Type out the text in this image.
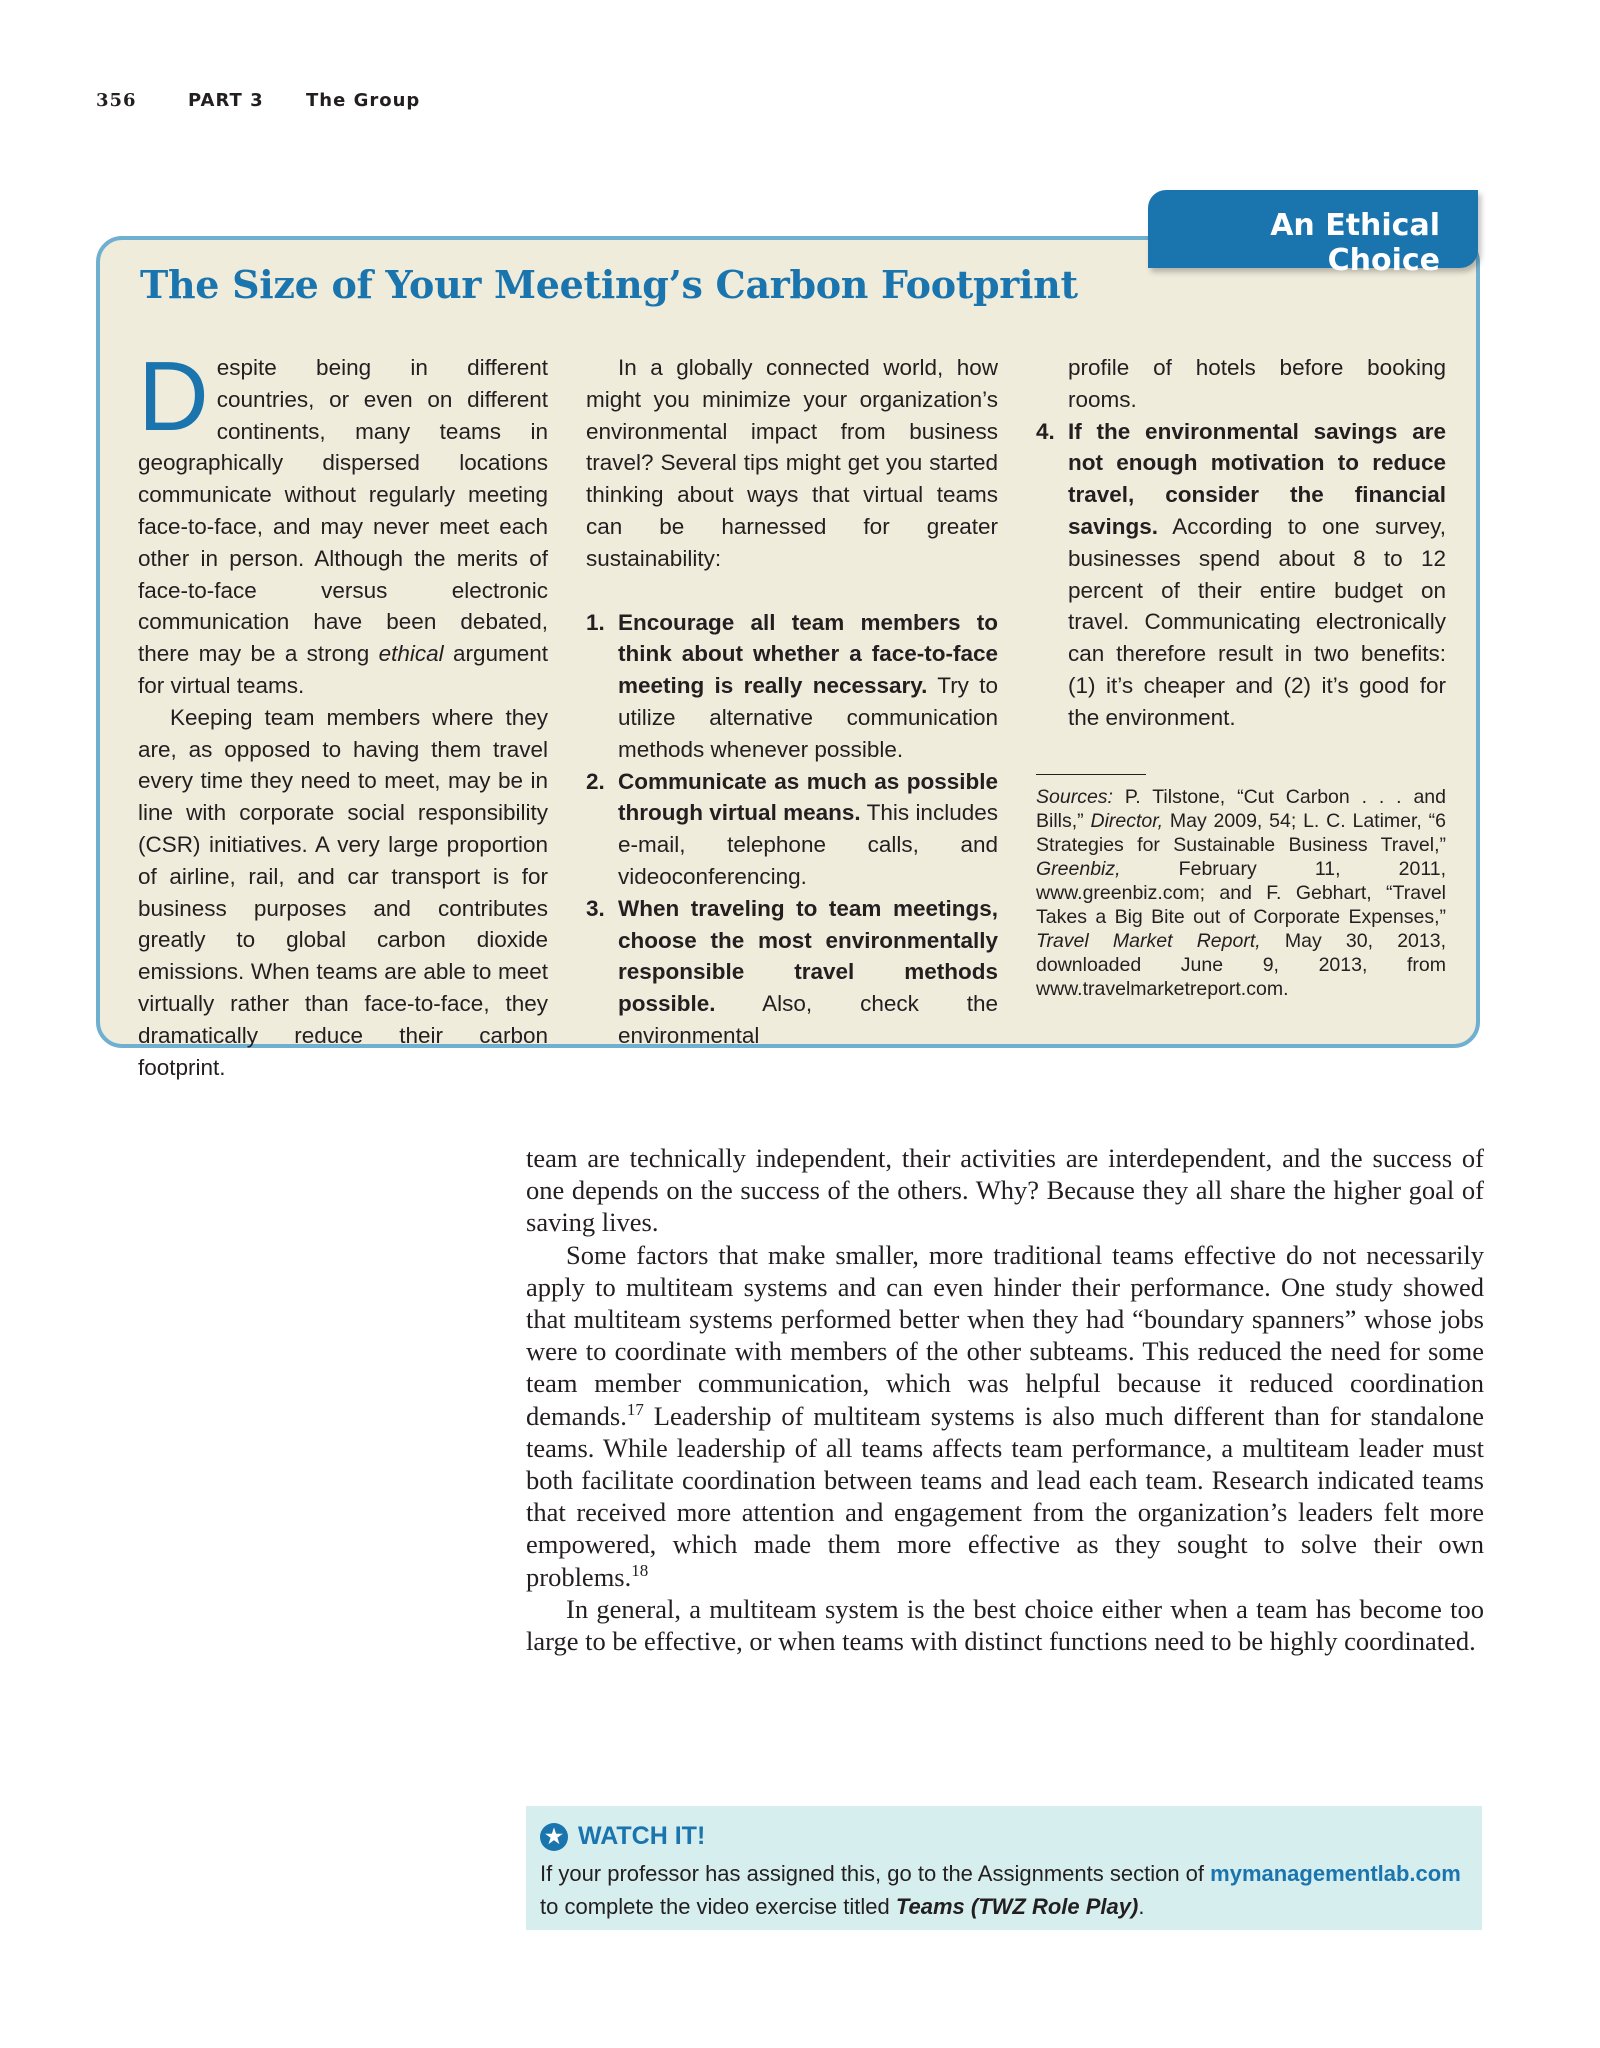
356	PART 3	The Group
An Ethical Choice
The Size of Your Meeting’s Carbon Footprint

Despite being in different countries, or even on different continents, many teams in geographically dispersed locations communicate without regularly meeting face-to-face, and may never meet each other in person. Although the merits of face-to-face versus electronic communication have been debated, there may be a strong ethical argument for virtual teams.

Keeping team members where they are, as opposed to having them travel every time they need to meet, may be in line with corporate social responsibility (CSR) initiatives. A very large proportion of airline, rail, and car transport is for business purposes and contributes greatly to global carbon dioxide emissions. When teams are able to meet virtually rather than face-to-face, they dramatically reduce their carbon footprint.

In a globally connected world, how might you minimize your organization’s environmental impact from business travel? Several tips might get you started thinking about ways that virtual teams can be harnessed for greater sustainability:

1. Encourage all team members to think about whether a face-to-face meeting is really necessary. Try to utilize alternative communication methods whenever possible.
2. Communicate as much as possible through virtual means. This includes e-mail, telephone calls, and videoconferencing.
3. When traveling to team meetings, choose the most environmentally responsible travel methods possible. Also, check the environmental

profile of hotels before booking rooms.

4. If the environmental savings are not enough motivation to reduce travel, consider the financial savings. According to one survey, businesses spend about 8 to 12 percent of their entire budget on travel. Communicating electronically can therefore result in two benefits: (1) it’s cheaper and (2) it’s good for the environment.

Sources: P. Tilstone, “Cut Carbon . . . and Bills,” Director, May 2009, 54; L. C. Latimer, “6 Strategies for Sustainable Business Travel,” Greenbiz, February 11, 2011, www.greenbiz.com; and F. Gebhart, “Travel Takes a Big Bite out of Corporate Expenses,” Travel Market Report, May 30, 2013, downloaded June 9, 2013, from www.travelmarketreport.com.

team are technically independent, their activities are interdependent, and the success of one depends on the success of the others. Why? Because they all share the higher goal of saving lives.

Some factors that make smaller, more traditional teams effective do not necessarily apply to multiteam systems and can even hinder their performance. One study showed that multiteam systems performed better when they had “boundary spanners” whose jobs were to coordinate with members of the other subteams. This reduced the need for some team member communication, which was helpful because it reduced coordination demands.$^{17}$ Leadership of multiteam systems is also much different than for standalone teams. While leadership of all teams affects team performance, a multiteam leader must both facilitate coordination between teams and lead each team. Research indicated teams that received more attention and engagement from the organization’s leaders felt more empowered, which made them more effective as they sought to solve their own problems.$^{18}$

In general, a multiteam system is the best choice either when a team has become too large to be effective, or when teams with distinct functions need to be highly coordinated.

★ WATCH IT!
If your professor has assigned this, go to the Assignments section of mymanagementlab.com
to complete the video exercise titled Teams (TWZ Role Play).
